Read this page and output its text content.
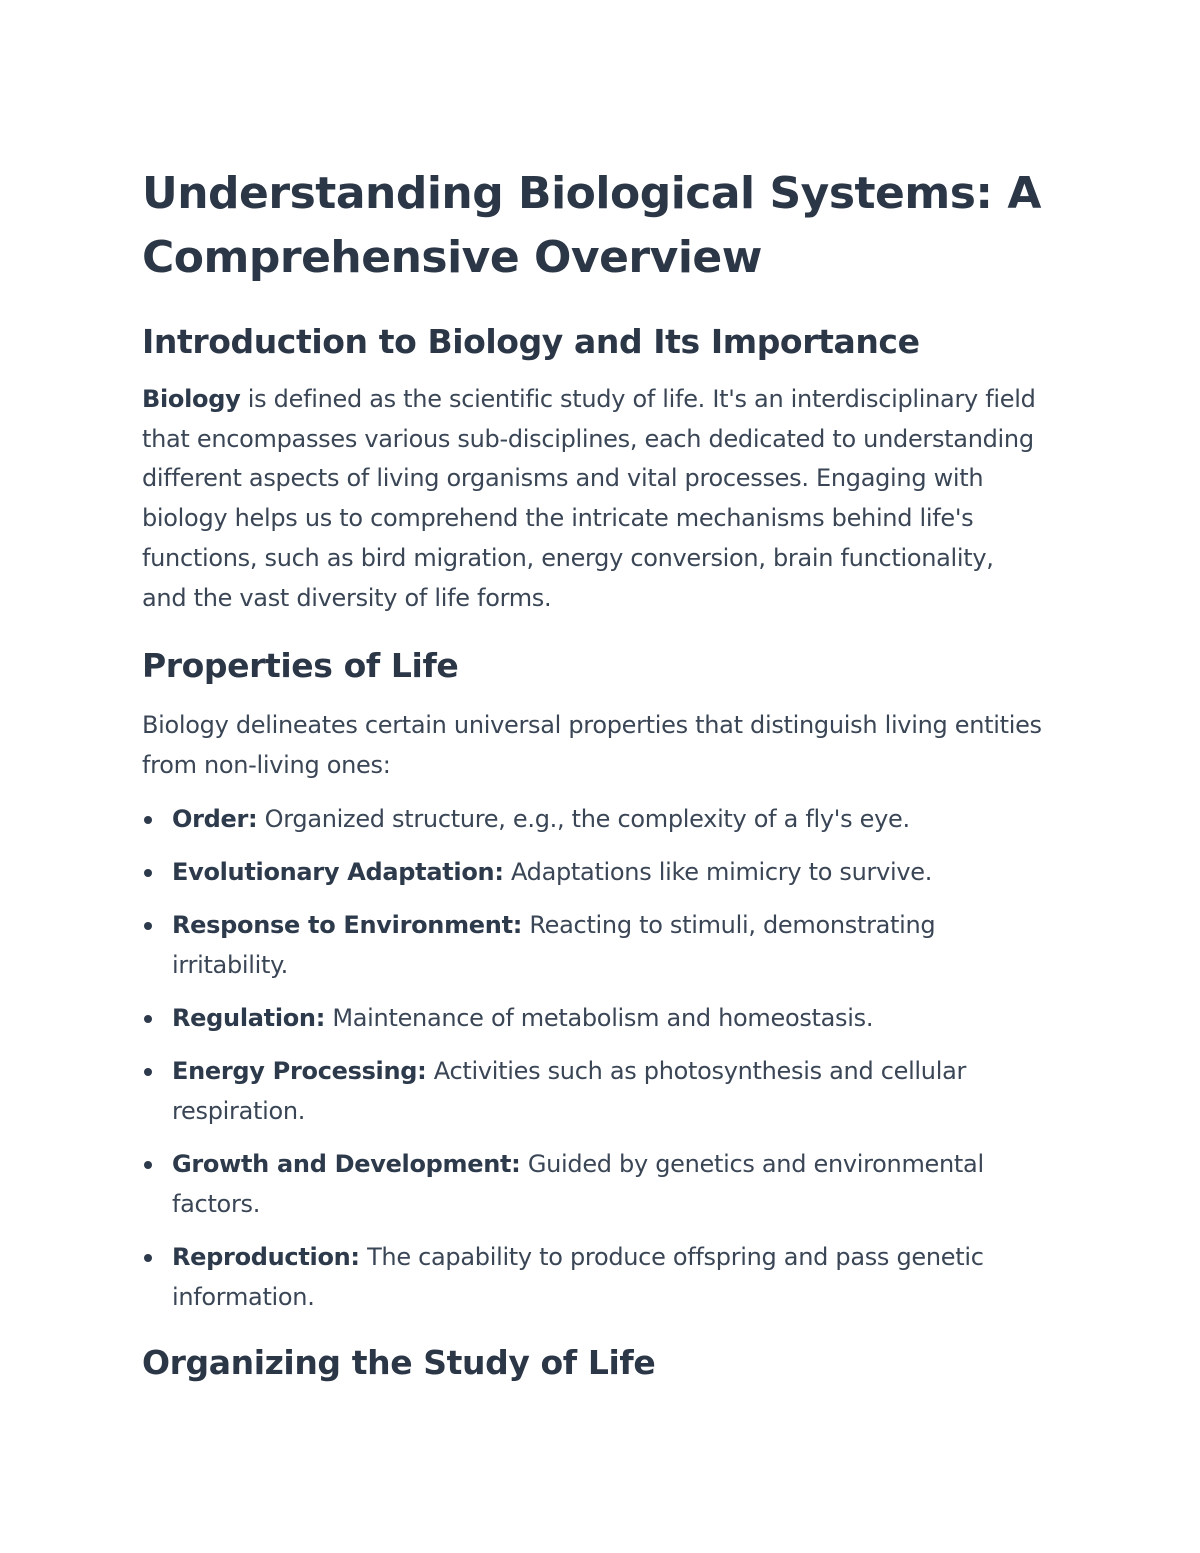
Understanding Biological Systems: A Comprehensive Overview
Introduction to Biology and Its Importance

Biology is defined as the scientific study of life. It's an interdisciplinary field that encompasses various sub-disciplines, each dedicated to understanding different aspects of living organisms and vital processes. Engaging with biology helps us to comprehend the intricate mechanisms behind life's functions, such as bird migration, energy conversion, brain functionality, and the vast diversity of life forms.

Properties of Life

Biology delineates certain universal properties that distinguish living entities from non-living ones:

Order: Organized structure, e.g., the complexity of a fly's eye.
Evolutionary Adaptation: Adaptations like mimicry to survive.
Response to Environment: Reacting to stimuli, demonstrating irritability.
Regulation: Maintenance of metabolism and homeostasis.
Energy Processing: Activities such as photosynthesis and cellular respiration.
Growth and Development: Guided by genetics and environmental factors.
Reproduction: The capability to produce offspring and pass genetic information.
Organizing the Study of Life
